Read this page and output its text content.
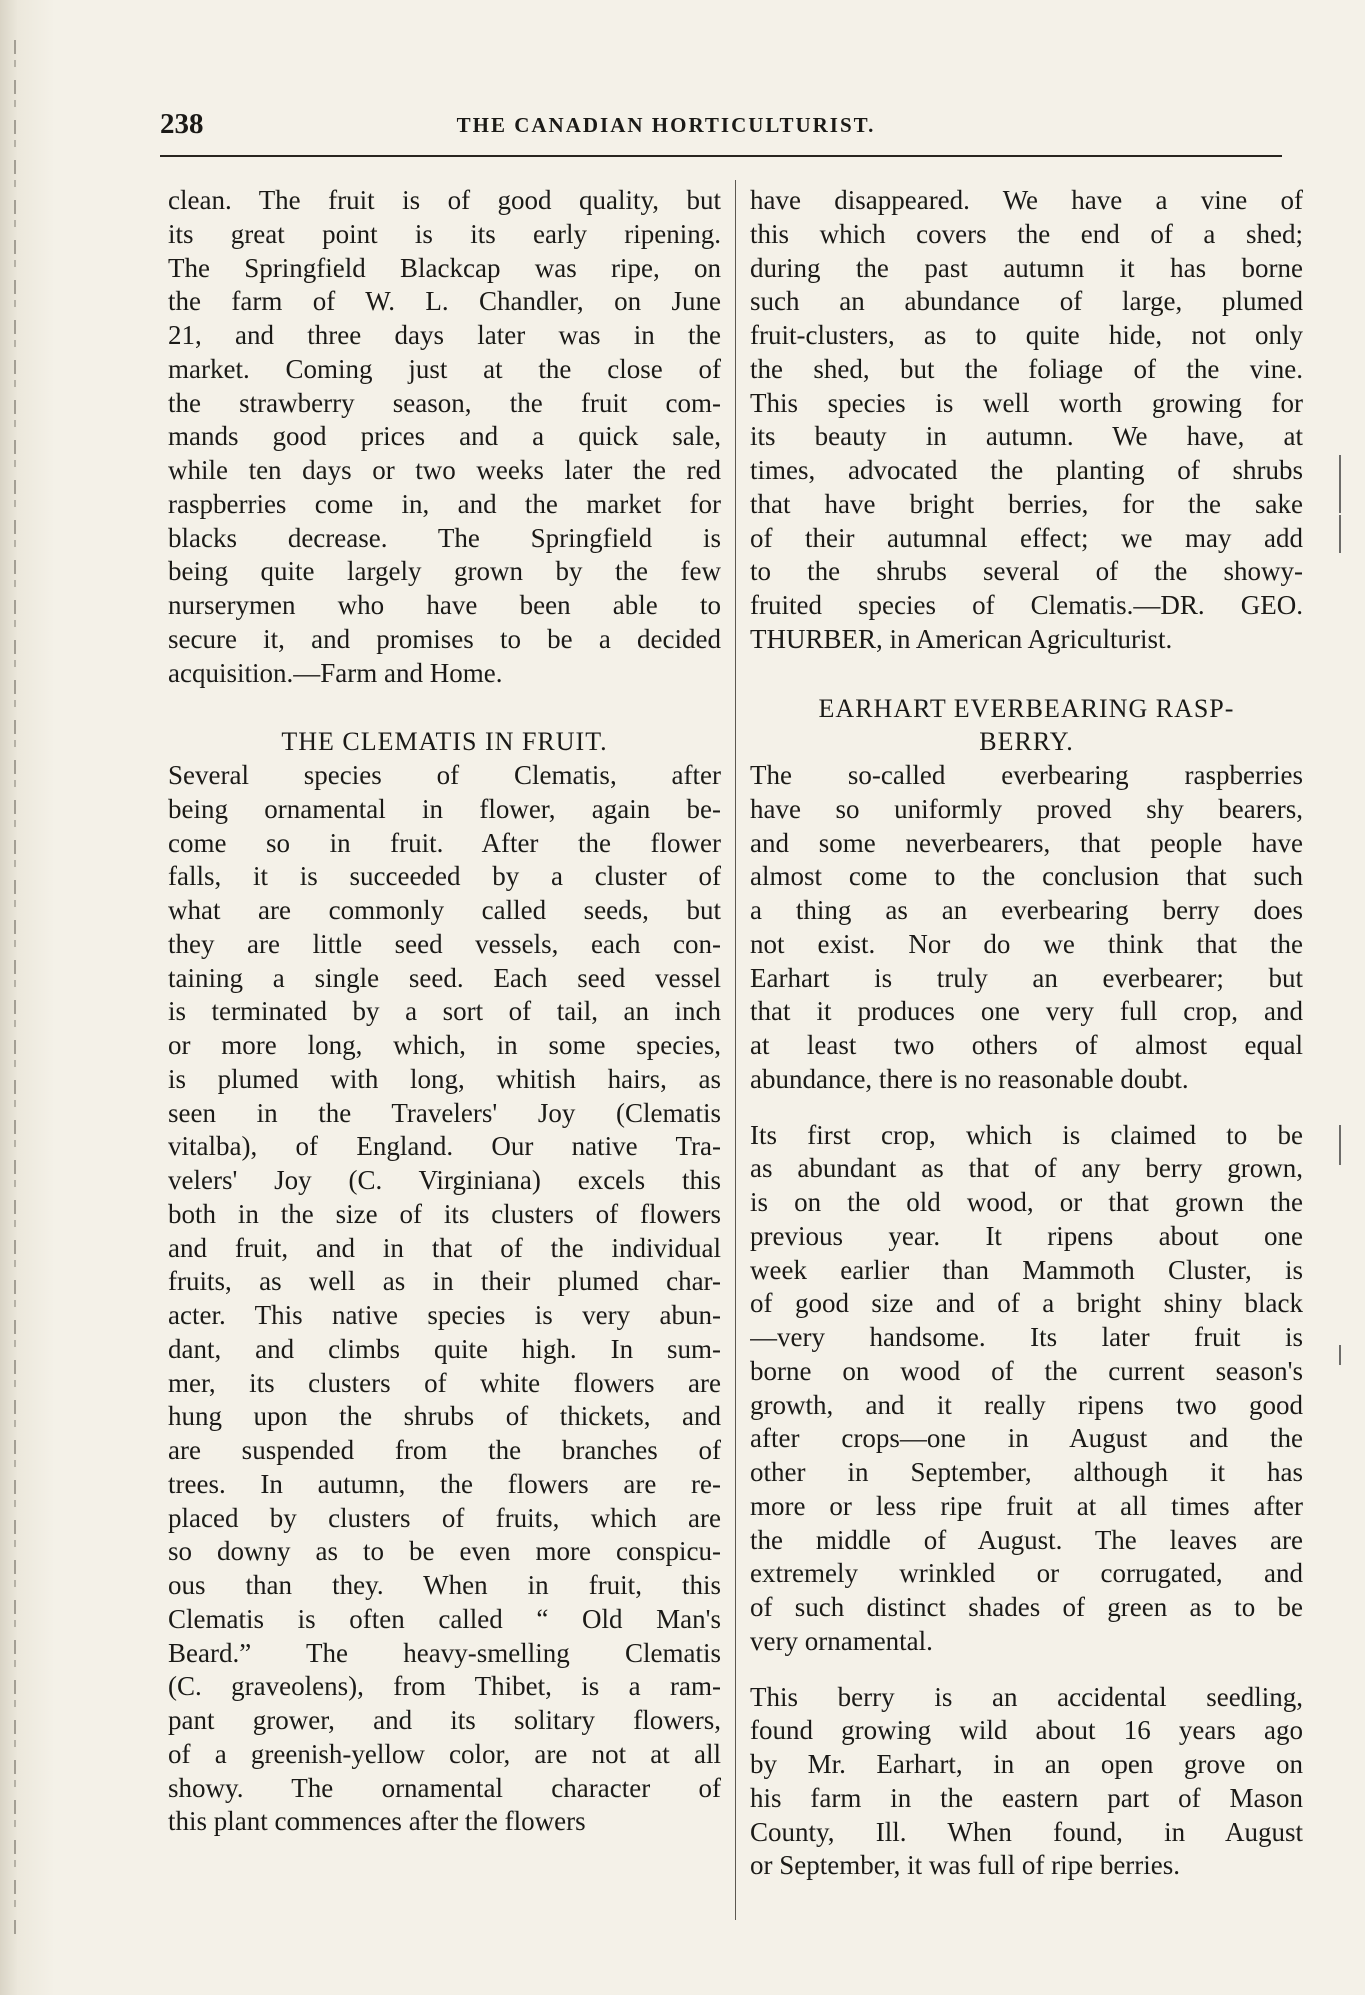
238	THE CANADIAN HORTICULTURIST.
clean. The fruit is of good quality, but
its great point is its early ripening.
The Springfield Blackcap was ripe, on
the farm of W. L. Chandler, on June
21, and three days later was in the
market. Coming just at the close of
the strawberry season, the fruit com-
mands good prices and a quick sale,
while ten days or two weeks later the red
raspberries come in, and the market for
blacks decrease. The Springfield is
being quite largely grown by the few
nurserymen who have been able to
secure it, and promises to be a decided
acquisition.—Farm and Home.
THE CLEMATIS IN FRUIT.
Several species of Clematis, after
being ornamental in flower, again be-
come so in fruit. After the flower
falls, it is succeeded by a cluster of
what are commonly called seeds, but
they are little seed vessels, each con-
taining a single seed. Each seed vessel
is terminated by a sort of tail, an inch
or more long, which, in some species,
is plumed with long, whitish hairs, as
seen in the Travelers' Joy (Clematis
vitalba), of England. Our native Tra-
velers' Joy (C. Virginiana) excels this
both in the size of its clusters of flowers
and fruit, and in that of the individual
fruits, as well as in their plumed char-
acter. This native species is very abun-
dant, and climbs quite high. In sum-
mer, its clusters of white flowers are
hung upon the shrubs of thickets, and
are suspended from the branches of
trees. In autumn, the flowers are re-
placed by clusters of fruits, which are
so downy as to be even more conspicu-
ous than they. When in fruit, this
Clematis is often called “ Old Man's
Beard.” The heavy-smelling Clematis
(C. graveolens), from Thibet, is a ram-
pant grower, and its solitary flowers,
of a greenish-yellow color, are not at all
showy. The ornamental character of
this plant commences after the flowers
have disappeared. We have a vine of
this which covers the end of a shed;
during the past autumn it has borne
such an abundance of large, plumed
fruit-clusters, as to quite hide, not only
the shed, but the foliage of the vine.
This species is well worth growing for
its beauty in autumn. We have, at
times, advocated the planting of shrubs
that have bright berries, for the sake
of their autumnal effect; we may add
to the shrubs several of the showy-
fruited species of Clematis.—DR. GEO.
THURBER, in American Agriculturist.
EARHART EVERBEARING RASP-
BERRY.
The so-called everbearing raspberries
have so uniformly proved shy bearers,
and some neverbearers, that people have
almost come to the conclusion that such
a thing as an everbearing berry does
not exist. Nor do we think that the
Earhart is truly an everbearer; but
that it produces one very full crop, and
at least two others of almost equal
abundance, there is no reasonable doubt.
Its first crop, which is claimed to be
as abundant as that of any berry grown,
is on the old wood, or that grown the
previous year. It ripens about one
week earlier than Mammoth Cluster, is
of good size and of a bright shiny black
—very handsome. Its later fruit is
borne on wood of the current season's
growth, and it really ripens two good
after crops—one in August and the
other in September, although it has
more or less ripe fruit at all times after
the middle of August. The leaves are
extremely wrinkled or corrugated, and
of such distinct shades of green as to be
very ornamental.
This berry is an accidental seedling,
found growing wild about 16 years ago
by Mr. Earhart, in an open grove on
his farm in the eastern part of Mason
County, Ill. When found, in August
or September, it was full of ripe berries.
